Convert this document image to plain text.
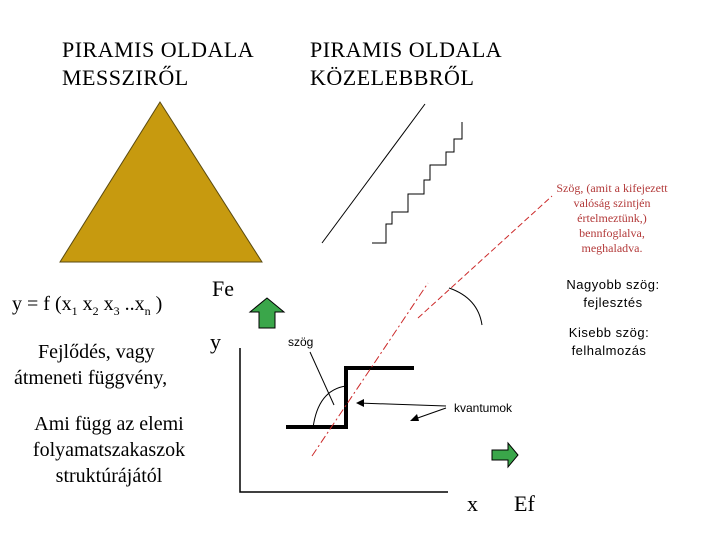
PIRAMIS OLDALA
MESSZIRŐL
PIRAMIS OLDALA
KÖZELEBBRŐL
y = f ($x_1$ $x_2$ $x_3$ $..x_n$ )
Fejlődés, vagy
átmeneti függvény,
Ami függ az elemi
folyamatszakaszok
struktúrájától
Fe
y
x Ef
szög
kvantumok
Szög, (amit a kifejezett
valóság szintjén
értelmeztünk,)
bennfoglalva,
meghaladva.
Nagyobb szög:
fejlesztés
Kisebb szög:
felhalmozás
